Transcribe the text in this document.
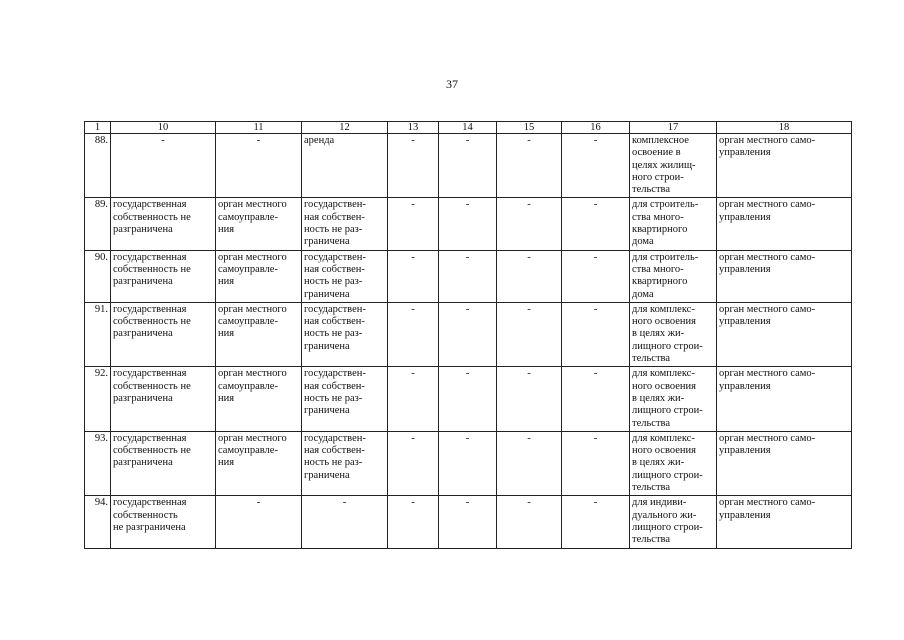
37
1	10	11	12	13	14	15	16	17	18

88.	-	-	аренда	-	-	-	-	комплексное
освоение в
целях жилищ-
ного строи-
тельства	орган местного само-
управления

89.	государственная
собственность не
разграничена	орган местного
самоуправле-
ния	государствен-
ная собствен-
ность не раз-
граничена	-	-	-	-	для строитель-
ства много-
квартирного
дома	орган местного само-
управления

90.	государственная
собственность не
разграничена	орган местного
самоуправле-
ния	государствен-
ная собствен-
ность не раз-
граничена	-	-	-	-	для строитель-
ства много-
квартирного
дома	орган местного само-
управления

91.	государственная
собственность не
разграничена	орган местного
самоуправле-
ния	государствен-
ная собствен-
ность не раз-
граничена	-	-	-	-	для комплекс-
ного освоения
в целях жи-
лищного строи-
тельства	орган местного само-
управления

92.	государственная
собственность не
разграничена	орган местного
самоуправле-
ния	государствен-
ная собствен-
ность не раз-
граничена	-	-	-	-	для комплекс-
ного освоения
в целях жи-
лищного строи-
тельства	орган местного само-
управления

93.	государственная
собственность не
разграничена	орган местного
самоуправле-
ния	государствен-
ная собствен-
ность не раз-
граничена	-	-	-	-	для комплекс-
ного освоения
в целях жи-
лищного строи-
тельства	орган местного само-
управления

94.	государственная
собственность
не разграничена	-	-	-	-	-	-	для индиви-
дуального жи-
лищного строи-
тельства	орган местного само-
управления
